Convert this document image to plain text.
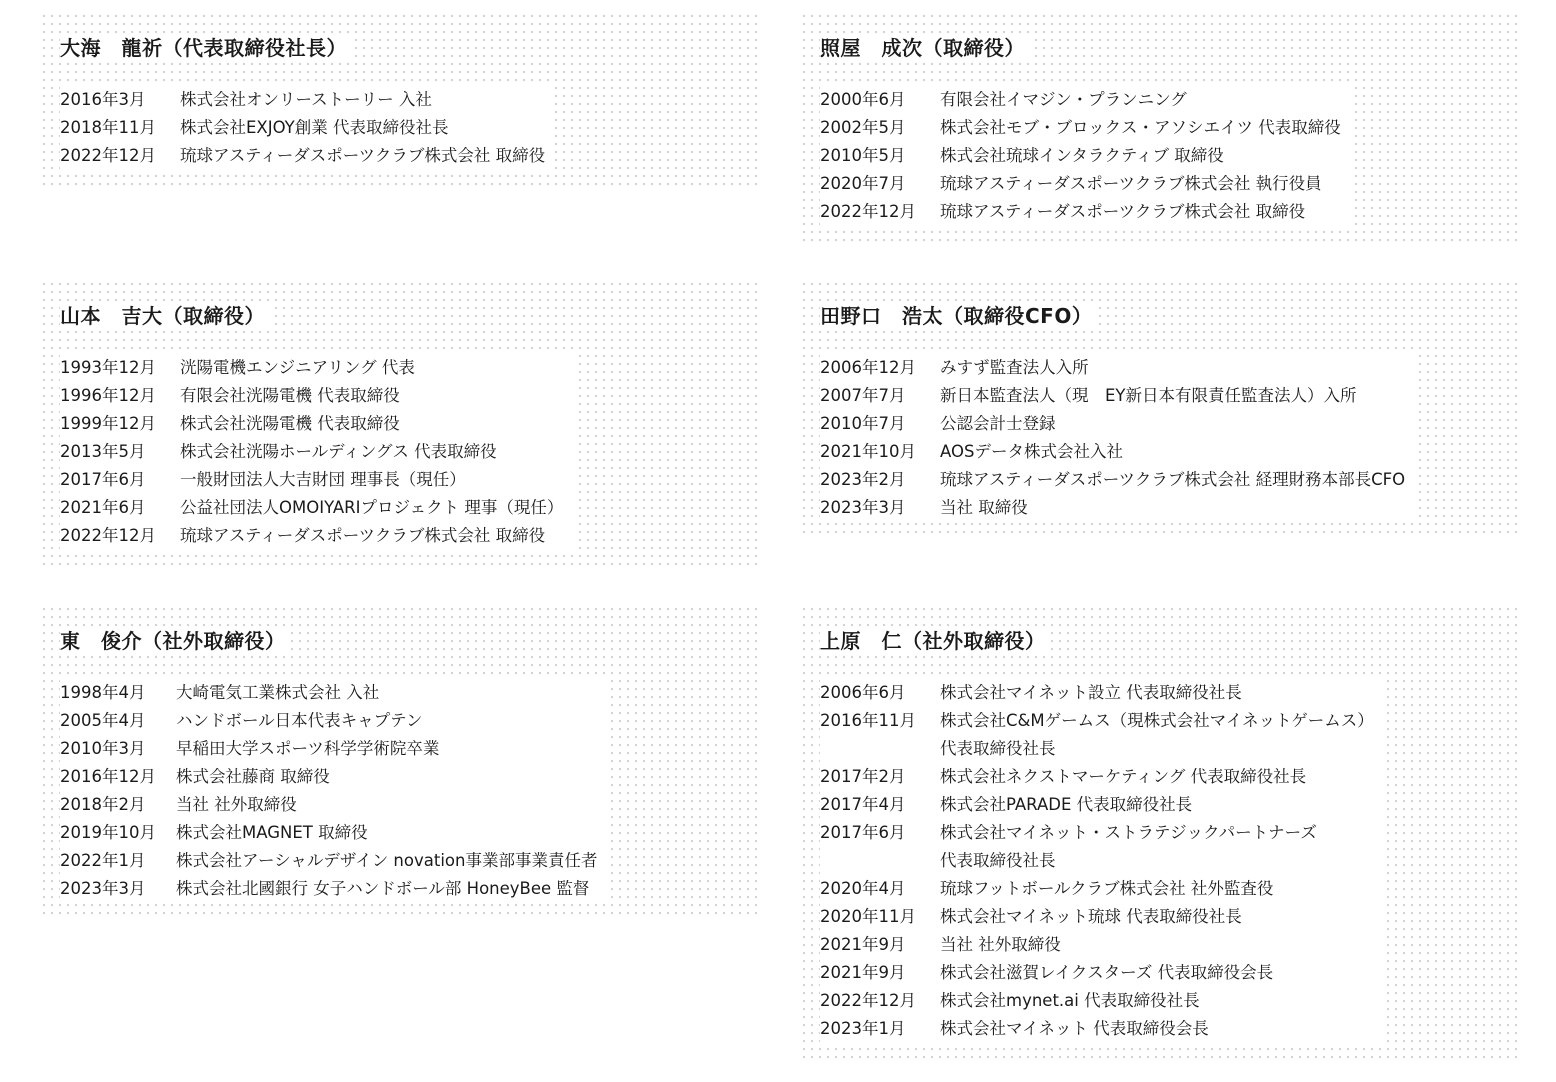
大海　龍祈（代表取締役社長）
2016年3月	株式会社オンリーストーリー 入社
2018年11月	株式会社EXJOY創業 代表取締役社長
2022年12月	琉球アスティーダスポーツクラブ株式会社 取締役
照屋　成次（取締役）
2000年6月	有限会社イマジン・プランニング
2002年5月	株式会社モブ・ブロックス・アソシエイツ 代表取締役
2010年5月	株式会社琉球インタラクティブ 取締役
2020年7月	琉球アスティーダスポーツクラブ株式会社 執行役員
2022年12月	琉球アスティーダスポーツクラブ株式会社 取締役
山本　吉大（取締役）
1993年12月	洸陽電機エンジニアリング 代表
1996年12月	有限会社洸陽電機 代表取締役
1999年12月	株式会社洸陽電機 代表取締役
2013年5月	株式会社洸陽ホールディングス 代表取締役
2017年6月	一般財団法人大吉財団 理事長（現任）
2021年6月	公益社団法人OMOIYARIプロジェクト 理事（現任）
2022年12月	琉球アスティーダスポーツクラブ株式会社 取締役
田野口　浩太（取締役CFO）
2006年12月	みすず監査法人入所
2007年7月	新日本監査法人（現　EY新日本有限責任監査法人）入所
2010年7月	公認会計士登録
2021年10月	AOSデータ株式会社入社
2023年2月	琉球アスティーダスポーツクラブ株式会社 経理財務本部長CFO
2023年3月	当社 取締役
東　俊介（社外取締役）
1998年4月	大崎電気工業株式会社 入社
2005年4月	ハンドボール日本代表キャプテン
2010年3月	早稲田大学スポーツ科学学術院卒業
2016年12月	株式会社藤商 取締役
2018年2月	当社 社外取締役
2019年10月	株式会社MAGNET 取締役
2022年1月	株式会社アーシャルデザイン novation事業部事業責任者
2023年3月	株式会社北國銀行 女子ハンドボール部 HoneyBee 監督
上原　仁（社外取締役）
2006年6月	株式会社マイネット設立 代表取締役社長
2016年11月	株式会社C&Mゲームス（現株式会社マイネットゲームス）
代表取締役社長
2017年2月	株式会社ネクストマーケティング 代表取締役社長
2017年4月	株式会社PARADE 代表取締役社長
2017年6月	株式会社マイネット・ストラテジックパートナーズ
代表取締役社長
2020年4月	琉球フットボールクラブ株式会社 社外監査役
2020年11月	株式会社マイネット琉球 代表取締役社長
2021年9月	当社 社外取締役
2021年9月	株式会社滋賀レイクスターズ 代表取締役会長
2022年12月	株式会社mynet.ai 代表取締役社長
2023年1月	株式会社マイネット 代表取締役会長
